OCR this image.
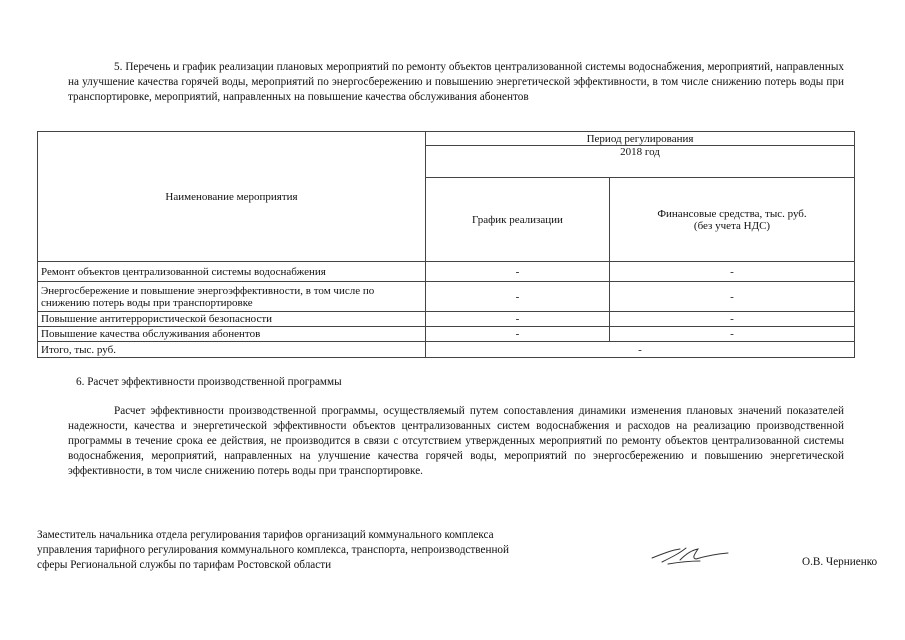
5. Перечень и график реализации плановых мероприятий по ремонту объектов централизованной системы водоснабжения, мероприятий, направленных на улучшение качества горячей воды, мероприятий по энергосбережению и повышению энергетической эффективности, в том числе снижению потерь воды при транспортировке, мероприятий, направленных на повышение качества обслуживания абонентов
Наименование мероприятия	Период регулирования	
	2018 год	
	График реализации	Финансовые средства, тыс. руб.
(без учета НДС)
Ремонт объектов централизованной системы водоснабжения	-	-
Энергосбережение и повышение энергоэффективности, в том числе по снижению потерь воды при транспортировке	-	-
Повышение антитеррористической безопасности	-	-
Повышение качества обслуживания абонентов	-	-
Итого, тыс. руб.	-	
6. Расчет эффективности производственной программы
Расчет эффективности производственной программы, осуществляемый путем сопоставления динамики изменения плановых значений показателей надежности, качества и энергетической эффективности объектов централизованных систем водоснабжения и расходов на реализацию производственной программы в течение срока ее действия, не производится в связи с отсутствием утвержденных мероприятий по ремонту объектов централизованной системы водоснабжения, мероприятий, направленных на улучшение качества горячей воды, мероприятий по энергосбережению и повышению энергетической эффективности, в том числе снижению потерь воды при транспортировке.
Заместитель начальника отдела регулирования тарифов организаций коммунального комплекса
управления тарифного регулирования коммунального комплекса, транспорта, непроизводственной
сферы Региональной службы по тарифам Ростовской области	О.В. Черниенко
